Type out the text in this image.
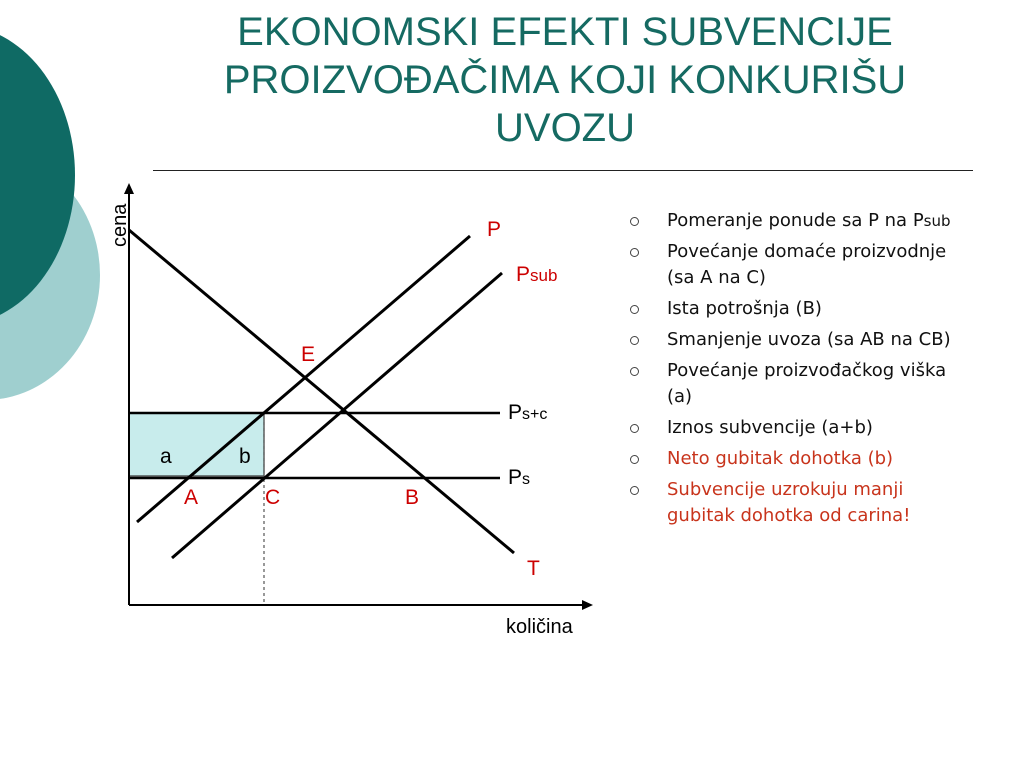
EKONOMSKI EFEKTI SUBVENCIJE
PROIZVOĐAČIMA KOJI KONKURIŠU
UVOZU
cena
količina
P
Psub
T
Ps+c
Ps
E
A	C	B
a	b
Pomeranje ponude sa P na Psub
Povećanje domaće proizvodnje (sa A na C)
Ista potrošnja (B)
Smanjenje uvoza (sa AB na CB)
Povećanje proizvođačkog viška (a)
Iznos subvencije (a+b)
Neto gubitak dohotka (b)
Subvencije uzrokuju manji gubitak dohotka od carina!
